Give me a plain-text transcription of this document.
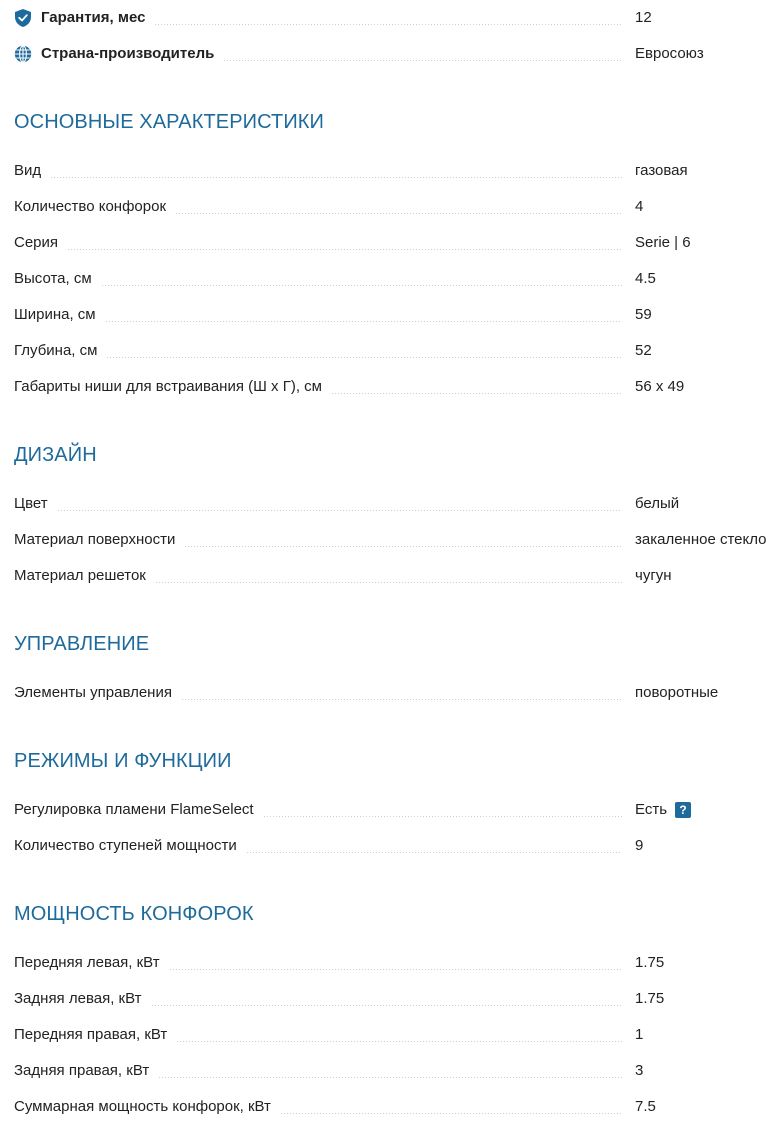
Гарантия, мес	12
Страна-производитель	Евросоюз
ОСНОВНЫЕ ХАРАКТЕРИСТИКИ
Вид	газовая
Количество конфорок	4
Серия	Serie | 6
Высота, см	4.5
Ширина, см	59
Глубина, см	52
Габариты ниши для встраивания (Ш х Г), см	56 x 49
ДИЗАЙН
Цвет	белый
Материал поверхности	закаленное стекло
Материал решеток	чугун
УПРАВЛЕНИЕ
Элементы управления	поворотные
РЕЖИМЫ И ФУНКЦИИ
Регулировка пламени FlameSelect	Есть	?
Количество ступеней мощности	9
МОЩНОСТЬ КОНФОРОК
Передняя левая, кВт	1.75
Задняя левая, кВт	1.75
Передняя правая, кВт	1
Задняя правая, кВт	3
Суммарная мощность конфорок, кВт	7.5
